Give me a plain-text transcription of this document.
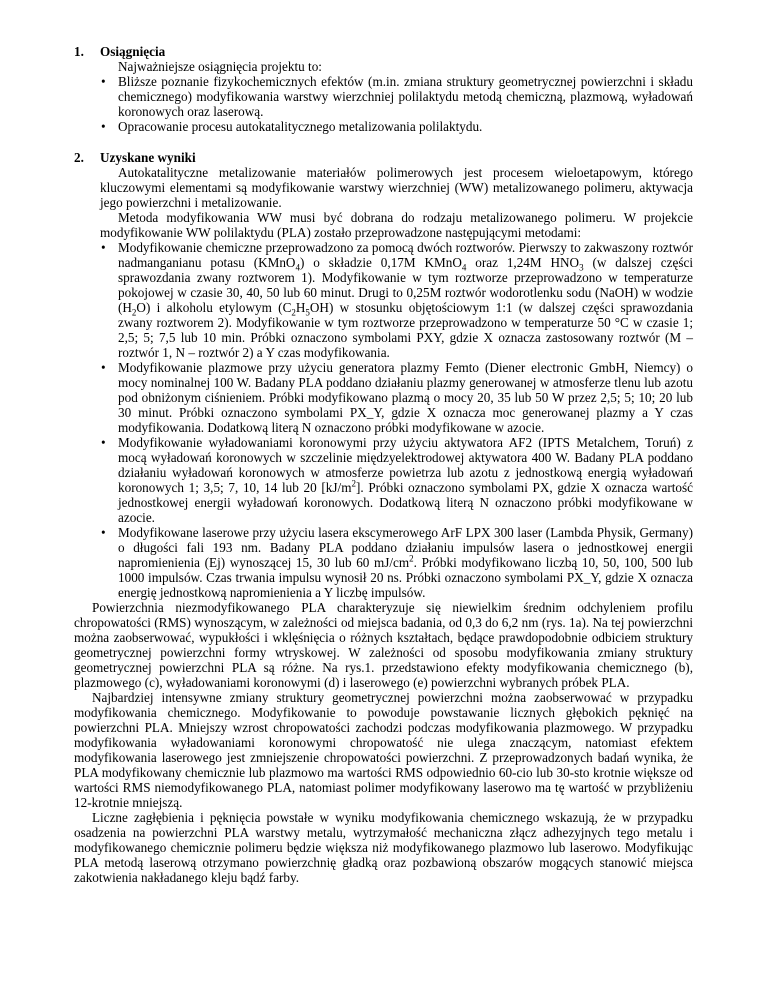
1. Osiągnięcia

Najważniejsze osiągnięcia projektu to:

• Bliższe poznanie fizykochemicznych efektów (m.in. zmiana struktury geometrycznej powierzchni i składu chemicznego) modyfikowania warstwy wierzchniej polilaktydu metodą chemiczną, plazmową, wyładowań koronowych oraz laserową.
• Opracowanie procesu autokatalitycznego metalizowania polilaktydu.
2. Uzyskane wyniki

Autokatalityczne metalizowanie materiałów polimerowych jest procesem wieloetapowym, którego kluczowymi elementami są modyfikowanie warstwy wierzchniej (WW) metalizowanego polimeru, aktywacja jego powierzchni i metalizowanie.

Metoda modyfikowania WW musi być dobrana do rodzaju metalizowanego polimeru. W projekcie modyfikowanie WW polilaktydu (PLA) zostało przeprowadzone następującymi metodami:

• Modyfikowanie chemiczne przeprowadzono za pomocą dwóch roztworów. Pierwszy to zakwaszony roztwór nadmanganianu potasu (KMnO$_4$) o składzie 0,17M KMnO$_4$ oraz 1,24M $HNO_3$ (w dalszej części sprawozdania zwany roztworem 1). Modyfikowanie w tym roztworze przeprowadzono w temperaturze pokojowej w czasie 30, 40, 50 lub 60 minut. Drugi to 0,25M roztwór wodorotlenku sodu (NaOH) w wodzie $(H_2O)$ i alkoholu etylowym $(C_2H_5OH)$ w stosunku objętościowym 1:1 (w dalszej części sprawozdania zwany roztworem 2). Modyfikowanie w tym roztworze przeprowadzono w temperaturze 50 °C w czasie 1; 2,5; 5; 7,5 lub 10 min. Próbki oznaczono symbolami PXY, gdzie X oznacza zastosowany roztwór (M – roztwór 1, N – roztwór 2) a Y czas modyfikowania.
• Modyfikowanie plazmowe przy użyciu generatora plazmy Femto (Diener electronic GmbH, Niemcy) o mocy nominalnej 100 W. Badany PLA poddano działaniu plazmy generowanej w atmosferze tlenu lub azotu pod obniżonym ciśnieniem. Próbki modyfikowano plazmą o mocy 20, 35 lub 50 W przez 2,5; 5; 10; 20 lub 30 minut. Próbki oznaczono symbolami PX_Y, gdzie X oznacza moc generowanej plazmy a Y czas modyfikowania. Dodatkową literą N oznaczono próbki modyfikowane w azocie.
• Modyfikowanie wyładowaniami koronowymi przy użyciu aktywatora AF2 (IPTS Metalchem, Toruń) z mocą wyładowań koronowych w szczelinie międzyelektrodowej aktywatora 400 W. Badany PLA poddano działaniu wyładowań koronowych w atmosferze powietrza lub azotu z jednostkową energią wyładowań koronowych 1; 3,5; 7, 10, 14 lub 20 $[kJ/m^2]$. Próbki oznaczono symbolami PX, gdzie X oznacza wartość jednostkowej energii wyładowań koronowych. Dodatkową literą N oznaczono próbki modyfikowane w azocie.
• Modyfikowane laserowe przy użyciu lasera ekscymerowego ArF LPX 300 laser (Lambda Physik, Germany) o długości fali 193 nm. Badany PLA poddano działaniu impulsów lasera o jednostkowej energii napromienienia (Ej) wynoszącej 15, 30 lub 60 $mJ/cm^2$. Próbki modyfikowano liczbą 10, 50, 100, 500 lub 1000 impulsów. Czas trwania impulsu wynosił 20 ns. Próbki oznaczono symbolami PX_Y, gdzie X oznacza energię jednostkową napromienienia a Y liczbę impulsów.

Powierzchnia niezmodyfikowanego PLA charakteryzuje się niewielkim średnim odchyleniem profilu chropowatości (RMS) wynoszącym, w zależności od miejsca badania, od 0,3 do 6,2 nm (rys. 1a). Na tej powierzchni można zaobserwować, wypukłości i wklęśnięcia o różnych kształtach, będące prawdopodobnie odbiciem struktury geometrycznej powierzchni formy wtryskowej. W zależności od sposobu modyfikowania zmiany struktury geometrycznej powierzchni PLA są różne. Na rys.1. przedstawiono efekty modyfikowania chemicznego (b), plazmowego (c), wyładowaniami koronowymi (d) i laserowego (e) powierzchni wybranych próbek PLA.

Najbardziej intensywne zmiany struktury geometrycznej powierzchni można zaobserwować w przypadku modyfikowania chemicznego. Modyfikowanie to powoduje powstawanie licznych głębokich pęknięć na powierzchni PLA. Mniejszy wzrost chropowatości zachodzi podczas modyfikowania plazmowego. W przypadku modyfikowania wyładowaniami koronowymi chropowatość nie ulega znaczącym, natomiast efektem modyfikowania laserowego jest zmniejszenie chropowatości powierzchni. Z przeprowadzonych badań wynika, że PLA modyfikowany chemicznie lub plazmowo ma wartości RMS odpowiednio 60-cio lub 30-sto krotnie większe od wartości RMS niemodyfikowanego PLA, natomiast polimer modyfikowany laserowo ma tę wartość w przybliżeniu 12-krotnie mniejszą.

Liczne zagłębienia i pęknięcia powstałe w wyniku modyfikowania chemicznego wskazują, że w przypadku osadzenia na powierzchni PLA warstwy metalu, wytrzymałość mechaniczna złącz adhezyjnych tego metalu i modyfikowanego chemicznie polimeru będzie większa niż modyfikowanego plazmowo lub laserowo. Modyfikując PLA metodą laserową otrzymano powierzchnię gładką oraz pozbawioną obszarów mogących stanowić miejsca zakotwienia nakładanego kleju bądź farby.
